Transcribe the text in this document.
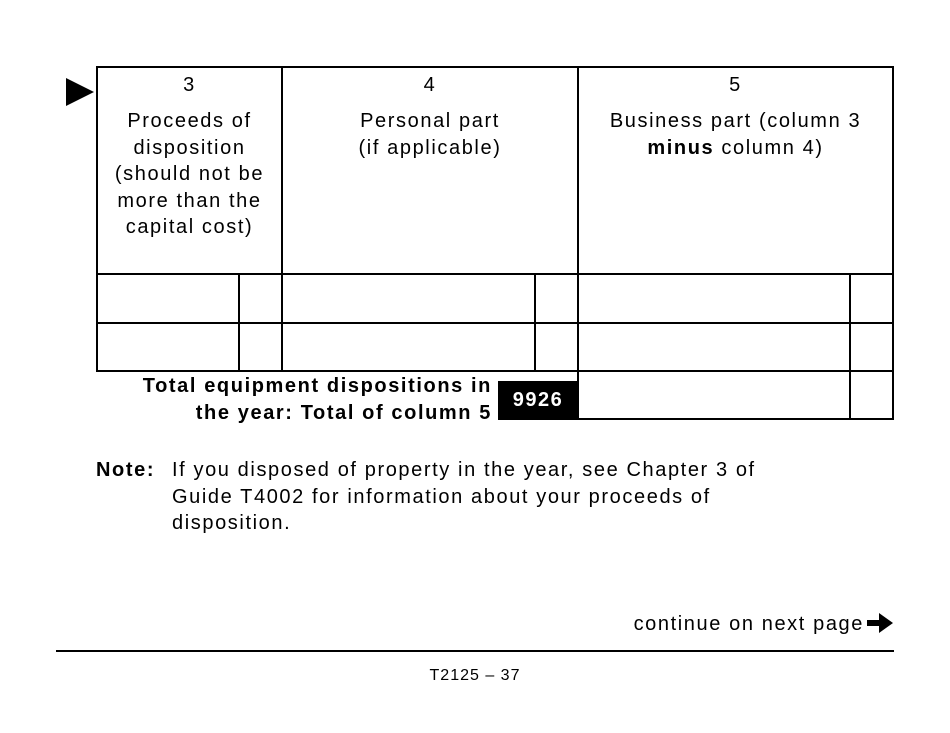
3
Proceeds of
disposition
(should not be
more than the
capital cost)
4
Personal part
(if applicable)
5
Business part (column 3
minus column 4)
Total equipment dispositions in
the year: Total of column 5
9926
Note: If you disposed of property in the year, see Chapter 3 of
Guide T4002 for information about your proceeds of
disposition.
continue on next page
T2125 – 37
